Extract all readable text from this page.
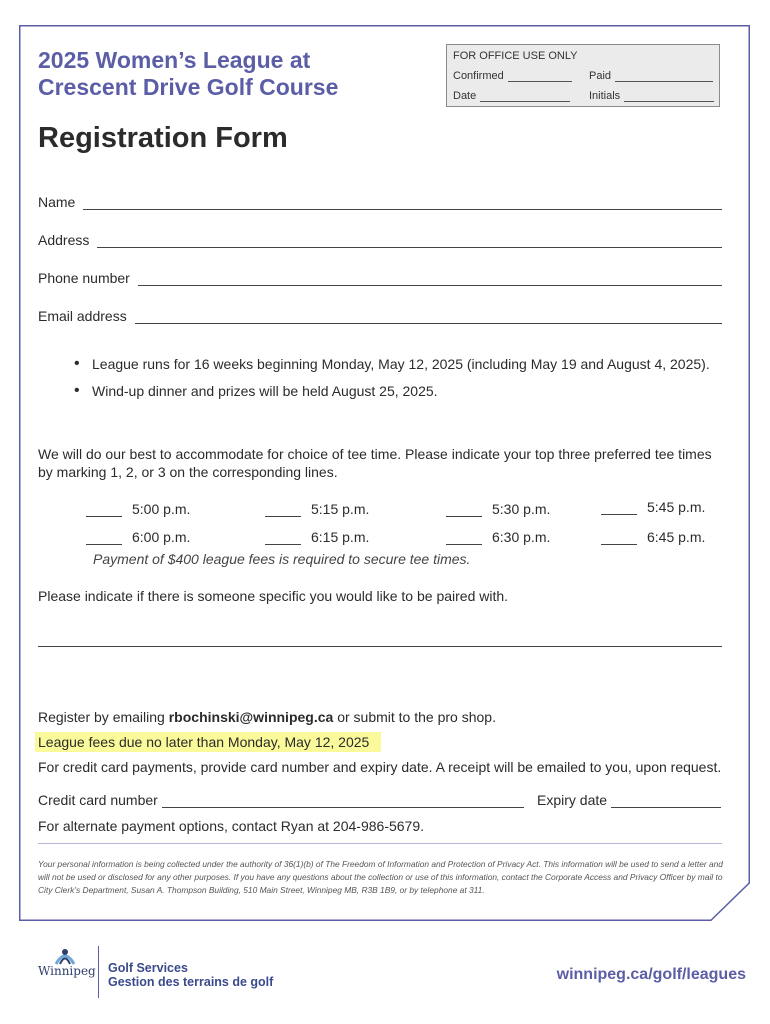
2025 Women’s League at
Crescent Drive Golf Course
FOR OFFICE USE ONLY
Confirmed	Paid
Date	Initials
Registration Form
Name
Address
Phone number
Email address
• League runs for 16 weeks beginning Monday, May 12, 2025 (including May 19 and August 4, 2025).
• Wind-up dinner and prizes will be held August 25, 2025.
We will do our best to accommodate for choice of tee time. Please indicate your top three preferred tee times by marking 1, 2, or 3 on the corresponding lines.
5:00 p.m.	5:15 p.m.	5:30 p.m.	5:45 p.m.
6:00 p.m.	6:15 p.m.	6:30 p.m.	6:45 p.m.
Payment of $400 league fees is required to secure tee times.
Please indicate if there is someone specific you would like to be paired with.
Register by emailing rbochinski@winnipeg.ca or submit to the pro shop.
League fees due no later than Monday, May 12, 2025
For credit card payments, provide card number and expiry date. A receipt will be emailed to you, upon request.
Credit card number	Expiry date
For alternate payment options, contact Ryan at 204-986-5679.
Your personal information is being collected under the authority of 36(1)(b) of The Freedom of Information and Protection of Privacy Act. This information will be used to send a letter and will not be used or disclosed for any other purposes. If you have any questions about the collection or use of this information, contact the Corporate Access and Privacy Officer by mail to City Clerk’s Department, Susan A. Thompson Building, 510 Main Street, Winnipeg MB, R3B 1B9, or by telephone at 311.
Winnipeg Golf Services
Gestion des terrains de golf	winnipeg.ca/golf/leagues
